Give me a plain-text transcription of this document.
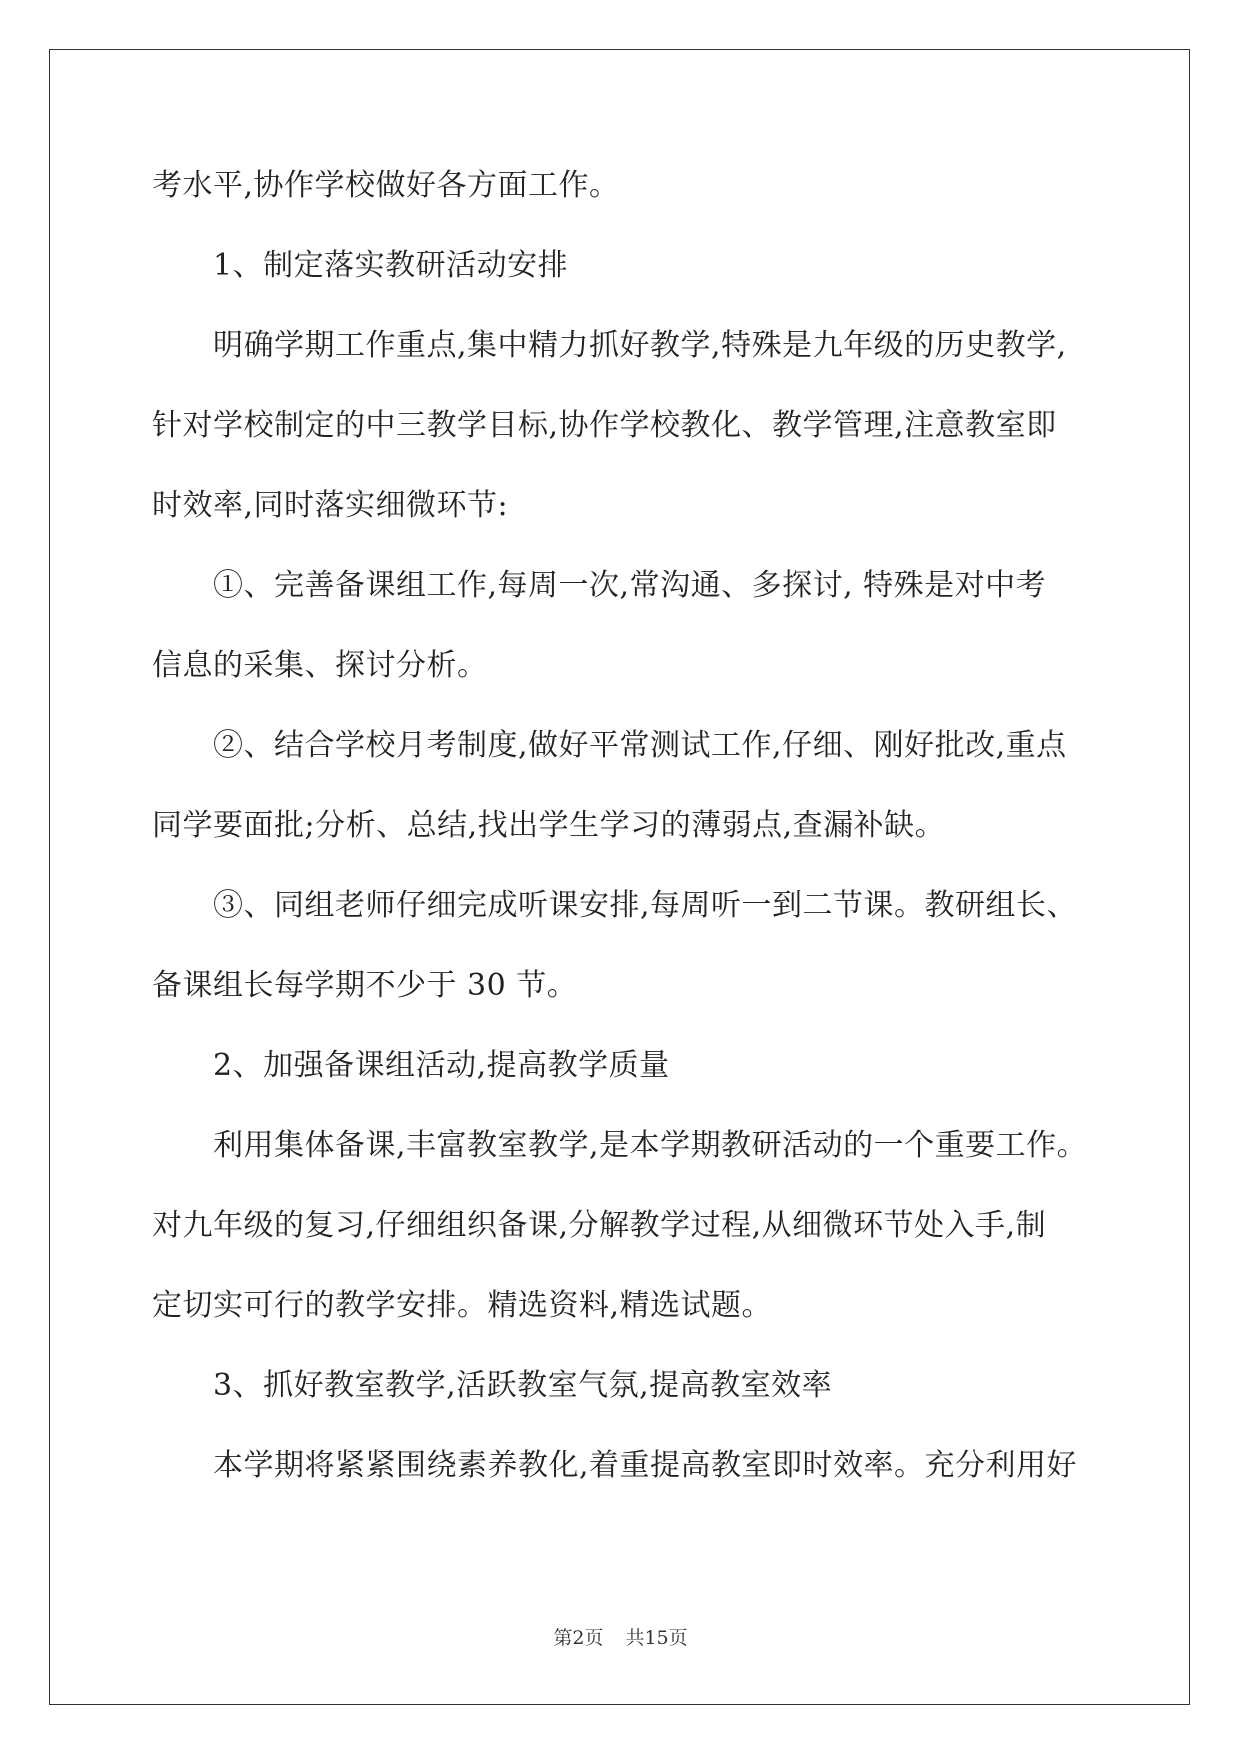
考水平,协作学校做好各方面工作。
1、制定落实教研活动安排
明确学期工作重点,集中精力抓好教学,特殊是九年级的历史教学,
针对学校制定的中三教学目标,协作学校教化、教学管理,注意教室即
时效率,同时落实细微环节:
①、完善备课组工作,每周一次,常沟通、多探讨, 特殊是对中考
信息的采集、探讨分析。
②、结合学校月考制度,做好平常测试工作,仔细、刚好批改,重点
同学要面批;分析、总结,找出学生学习的薄弱点,查漏补缺。
③、同组老师仔细完成听课安排,每周听一到二节课。教研组长、
备课组长每学期不少于 30 节。
2、加强备课组活动,提高教学质量
利用集体备课,丰富教室教学,是本学期教研活动的一个重要工作。
对九年级的复习,仔细组织备课,分解教学过程,从细微环节处入手,制
定切实可行的教学安排。精选资料,精选试题。
3、抓好教室教学,活跃教室气氛,提高教室效率
本学期将紧紧围绕素养教化,着重提高教室即时效率。充分利用好
第2页 共15页
